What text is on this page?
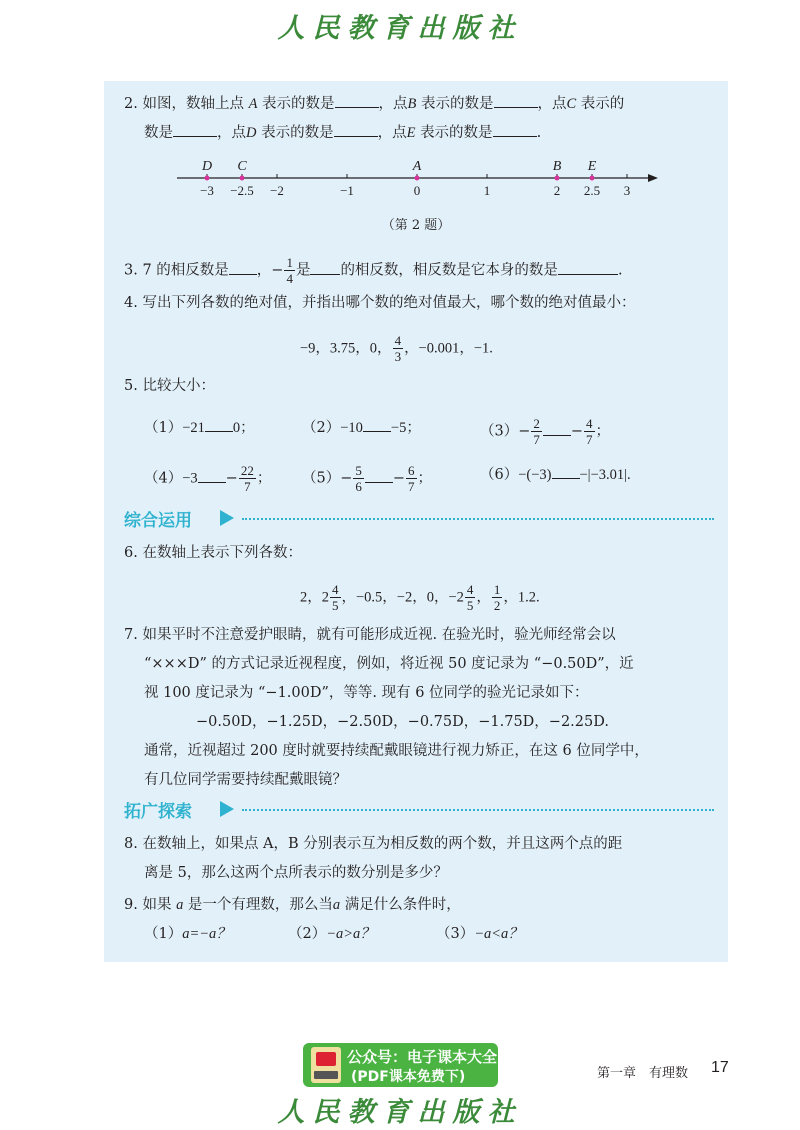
人民教育出版社
2. 如图，数轴上点 A 表示的数是	，点B 表示的数是	，点C 表示的
数是	，点D 表示的数是	，点E 表示的数是	.
−3 −2.5 −2	−1	0	1	2 2.5 3
D C	A	B E
（第 2 题）
3. 7 的相反数是 ，− $\frac{1}{4}$ 是 的相反数，相反数是它本身的数是	.
4. 写出下列各数的绝对值，并指出哪个数的绝对值最大，哪个数的绝对值最小：
−9，3.75，0， $\frac{4}{3}$ ，−0.001，−1.
5. 比较大小：
（1）−21 0；	（2）−10 −5；	$(3)- \frac{2}{7} - \frac{4}{7}$ ；
$(4)-3 - \frac{22}{7}$ ； $(5)- \frac{5}{6} - \frac{6}{7}$ ；	（6）−(−3) −|−3.01|.
综合运用
6. 在数轴上表示下列各数：
2，$2 \frac{4}{5}$ ，−0.5，−2，0，$-2 \frac{4}{5}$ ， $\frac{1}{2}$ ，1.2.
7. 如果平时不注意爱护眼睛，就有可能形成近视. 在验光时，验光师经常会以
“×××D” 的方式记录近视程度，例如，将近视 50 度记录为 “−0.50D”，近
视 100 度记录为 “−1.00D”，等等. 现有 6 位同学的验光记录如下：
−0.50D，−1.25D，−2.50D，−0.75D，−1.75D，−2.25D.
通常，近视超过 200 度时就要持续配戴眼镜进行视力矫正，在这 6 位同学中，
有几位同学需要持续配戴眼镜？
拓广探索
8. 在数轴上，如果点 A，B 分别表示互为相反数的两个数，并且这两个点的距
离是 5，那么这两个点所表示的数分别是多少？
9. 如果 a 是一个有理数，那么当a 满足什么条件时，
（1）a=−a？	（2）−a>a？	（3）−a<a？
公众号：电子课本大全
(PDF课本免费下)	第一章　有理数 17
人民教育出版社
